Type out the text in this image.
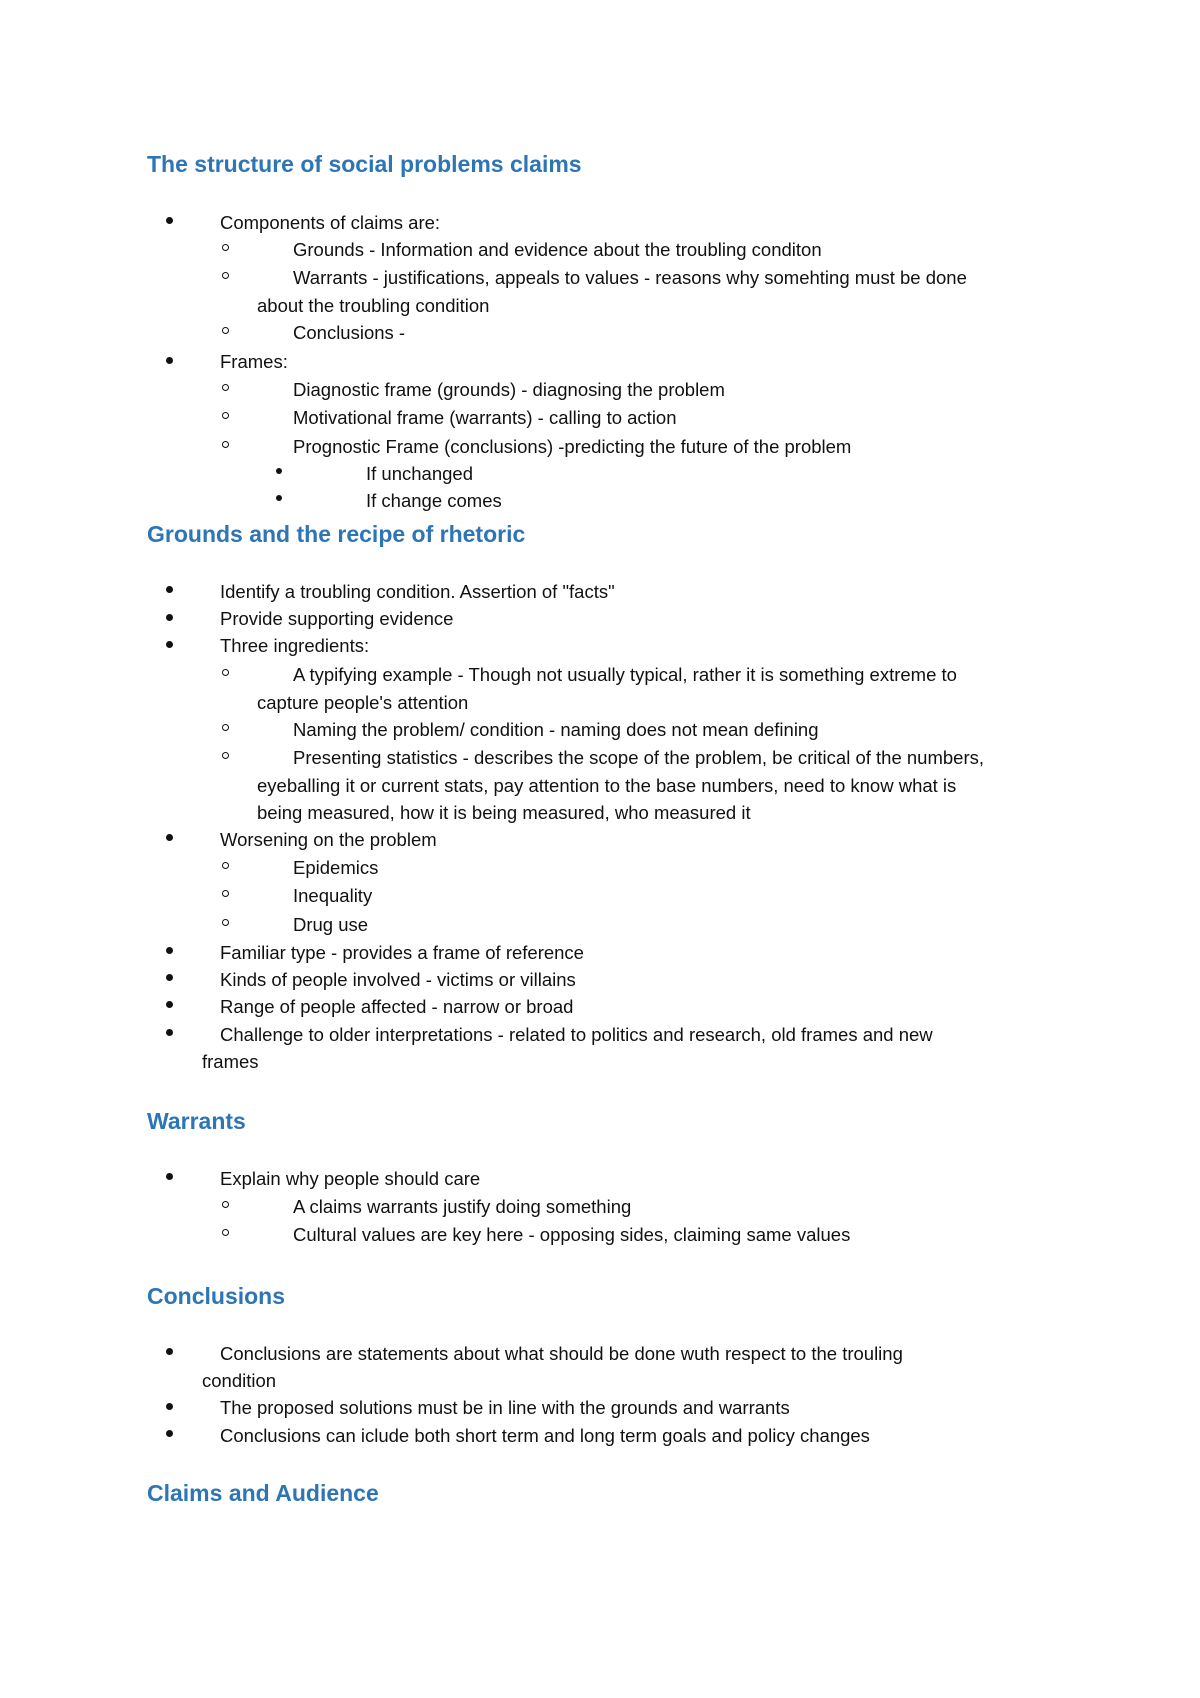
The structure of social problems claims

Components of claims are:

Grounds - Information and evidence about the troubling conditon

Warrants - justifications, appeals to values - reasons why somehting must be done

about the troubling condition

Conclusions -

Frames:

Diagnostic frame (grounds) - diagnosing the problem

Motivational frame (warrants) - calling to action

Prognostic Frame (conclusions) -predicting the future of the problem

If unchanged

If change comes

Grounds and the recipe of rhetoric

Identify a troubling condition. Assertion of "facts"

Provide supporting evidence

Three ingredients:

A typifying example - Though not usually typical, rather it is something extreme to

capture people's attention

Naming the problem/ condition - naming does not mean defining

Presenting statistics - describes the scope of the problem, be critical of the numbers,

eyeballing it or current stats, pay attention to the base numbers, need to know what is

being measured, how it is being measured, who measured it

Worsening on the problem

Epidemics

Inequality

Drug use

Familiar type - provides a frame of reference

Kinds of people involved - victims or villains

Range of people affected - narrow or broad

Challenge to older interpretations - related to politics and research, old frames and new

frames

Warrants

Explain why people should care

A claims warrants justify doing something

Cultural values are key here - opposing sides, claiming same values

Conclusions

Conclusions are statements about what should be done wuth respect to the trouling

condition

The proposed solutions must be in line with the grounds and warrants

Conclusions can iclude both short term and long term goals and policy changes

Claims and Audience
